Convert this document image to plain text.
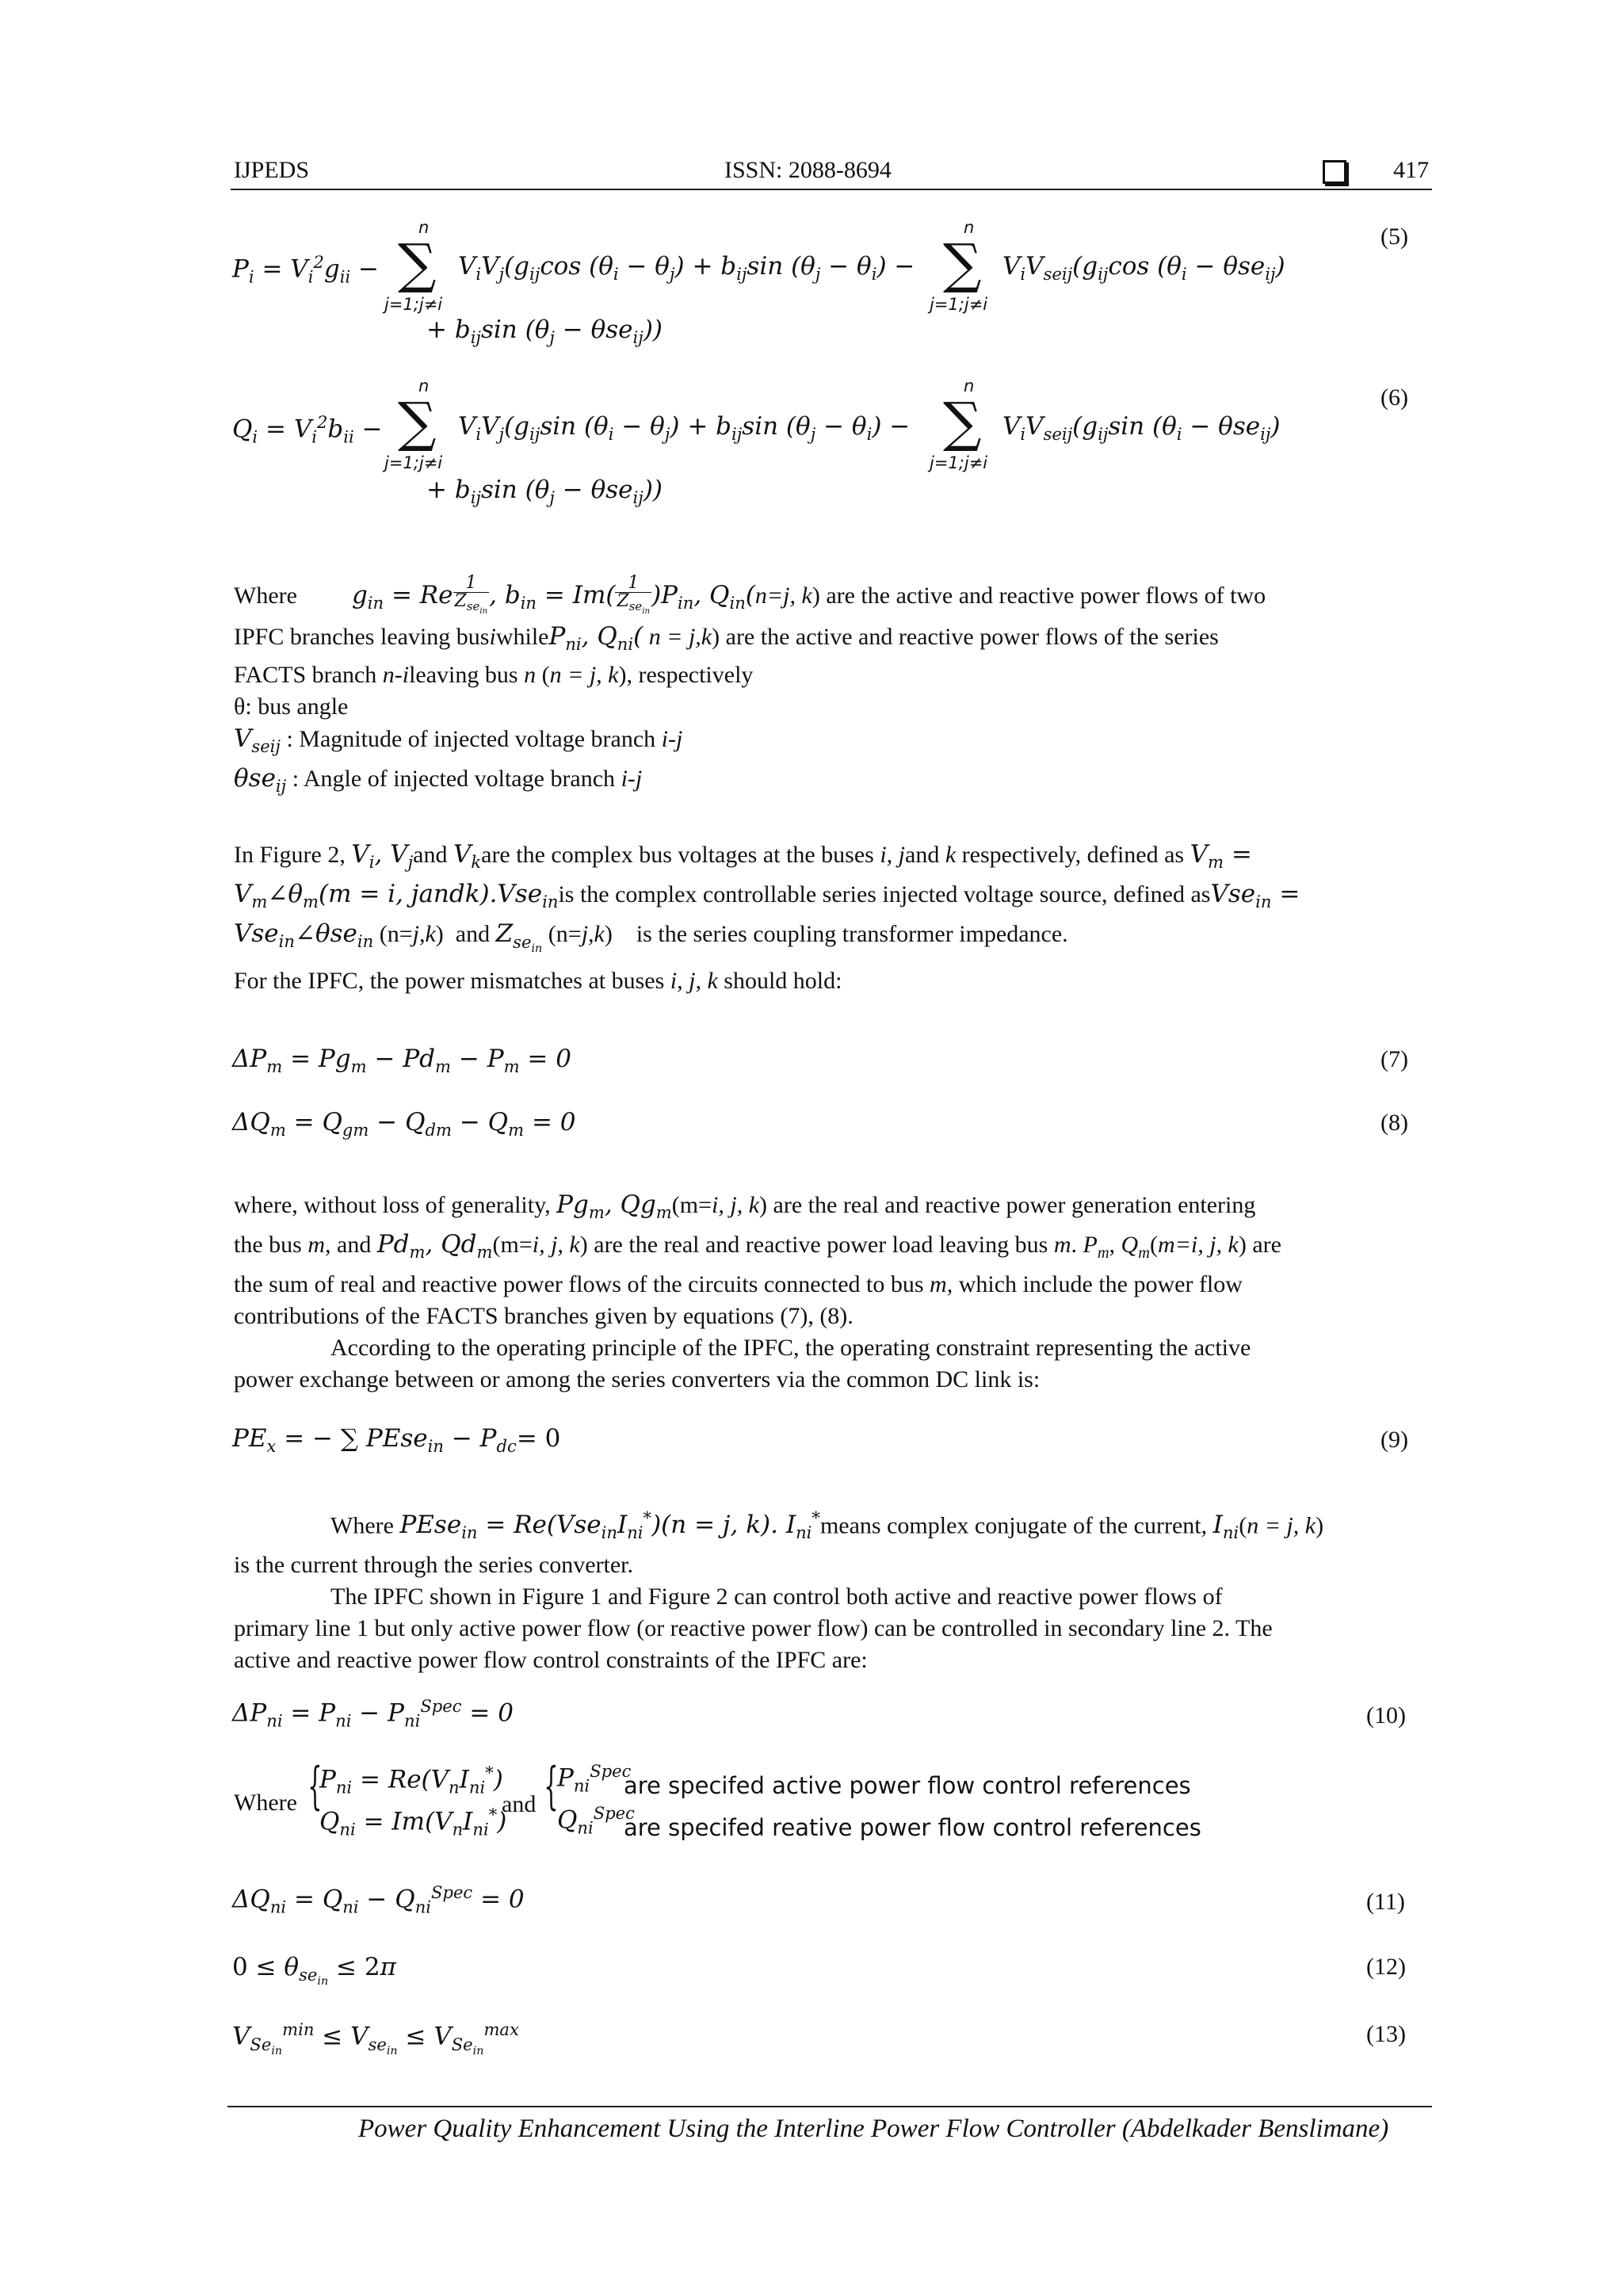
IJPEDS	ISSN: 2088-8694	417
$P_i = V_i^2g_{ii}$ −
n
∑
j=1;j≠i
$V_iV_j(g_{ij}\cos$ $(\theta_i - \theta_j) + b_{ij}\sin$ $(\theta_j - \theta_i)$ −
n
∑
j=1;j≠i
$V_iV_{seij}(g_{ij}\cos$ $(\theta_i - \theta se_{ij})$
+ $b_{ij}\sin$ $(\theta_j - \theta se_{ij})$)
(5)
$Q_i = V_i^2b_{ii}$ −
n
∑
j=1;j≠i
$V_iV_j(g_{ij}\sin$ $(\theta_i - \theta_j) + b_{ij}\sin$ $(\theta_j - \theta_i)$ −
n
∑
j=1;j≠i
$V_iV_{seij}(g_{ij}\sin$ $(\theta_i - \theta se_{ij})$
+ $b_{ij}\sin$ $(\theta_j - \theta se_{ij})$)
(6)
Where $g_{in} = Re \frac{1}{Z_{se_{in}}}$ , $b_{in} = Im( \frac{1}{Z_{se_{in}}} )P_{in}$, $Q_{in}(n=j$, k) are the active and reactive power flows of two
IPFC branches leaving busiwhileP$_{ni}$, $Q_{ni}$( n = j,k) are the active and reactive power flows of the series
FACTS branch n-ileaving bus n (n = j, k), respectively
θ: bus angle
$V_{seij}$ : Magnitude of injected voltage branch i-j
θse$_{ij}$ : Angle of injected voltage branch i-j
In Figure 2, $V_i$, $V_jand$ $V_kare$ the complex bus voltages at the buses i, jand k respectively, defined as $V_m$ =
$V_m\angle\theta_m(m = i$, jandk).Vse$_{in}$is the complex controllable series injected voltage source, defined asVse$_{in}$ =
Vse$_{in}$∠θse$_{in}$ (n=j,k)  and $Z_{se_{in}}$ (n=j,k)    is the series coupling transformer impedance.
For the IPFC, the power mismatches at buses i, j, k should hold:
$\Delta P_m = Pg_m - Pd_m - P_m = 0$	(7)
$\Delta Q_m = Q_{gm} - Q_{dm} - Q_m = 0$	(8)
where, without loss of generality, $Pg_m$, $Qg_m(m=i$, j, k) are the real and reactive power generation entering
the bus m, and $Pd_m$, $Qd_m(m=i$, j, k) are the real and reactive power load leaving bus m. $P_m$, $Q_m(m=i$, j, k) are
the sum of real and reactive power flows of the circuits connected to bus m, which include the power flow
contributions of the FACTS branches given by equations (7), (8).
According to the operating principle of the IPFC, the operating constraint representing the active
power exchange between or among the series converters via the common DC link is:
$PE_x$ = − ∑ PEse$_{in}$ − $P_{dc}= 0$	(9)
Where PEse$_{in}$ = $Re(Vse_{in}I_{ni}^*)(n = j$, k). $I_{ni}^*means$ complex conjugate of the current, $I_{ni}(n = j$, k)
is the current through the series converter.
The IPFC shown in Figure 1 and Figure 2 can control both active and reactive power flows of
primary line 1 but only active power flow (or reactive power flow) can be controlled in secondary line 2. The
active and reactive power flow control constraints of the IPFC are:
$\Delta P_{ni} = P_{ni} - P_{ni}^{Spec} = 0$	(10)
Where {
$P_{ni} = Re(V_nI_{ni}^*)$
$Q_{ni} = Im(V_nI_{ni}^*)$
and {
$P_{ni}^{Spec}$
are specifed active power flow control references
$Q_{ni}^{Spec}$
are specifed reative power flow control references
$\Delta Q_{ni} = Q_{ni} - Q_{ni}^{Spec} = 0$	(11)
$0 \le \theta_{se_{in}} \le 2\pi$	(12)
$V_{Se_{in}}^{min} \le V_{se_{in}} \le V_{Se_{in}}^{max}$	(13)
Power Quality Enhancement Using the Interline Power Flow Controller (Abdelkader Benslimane)
